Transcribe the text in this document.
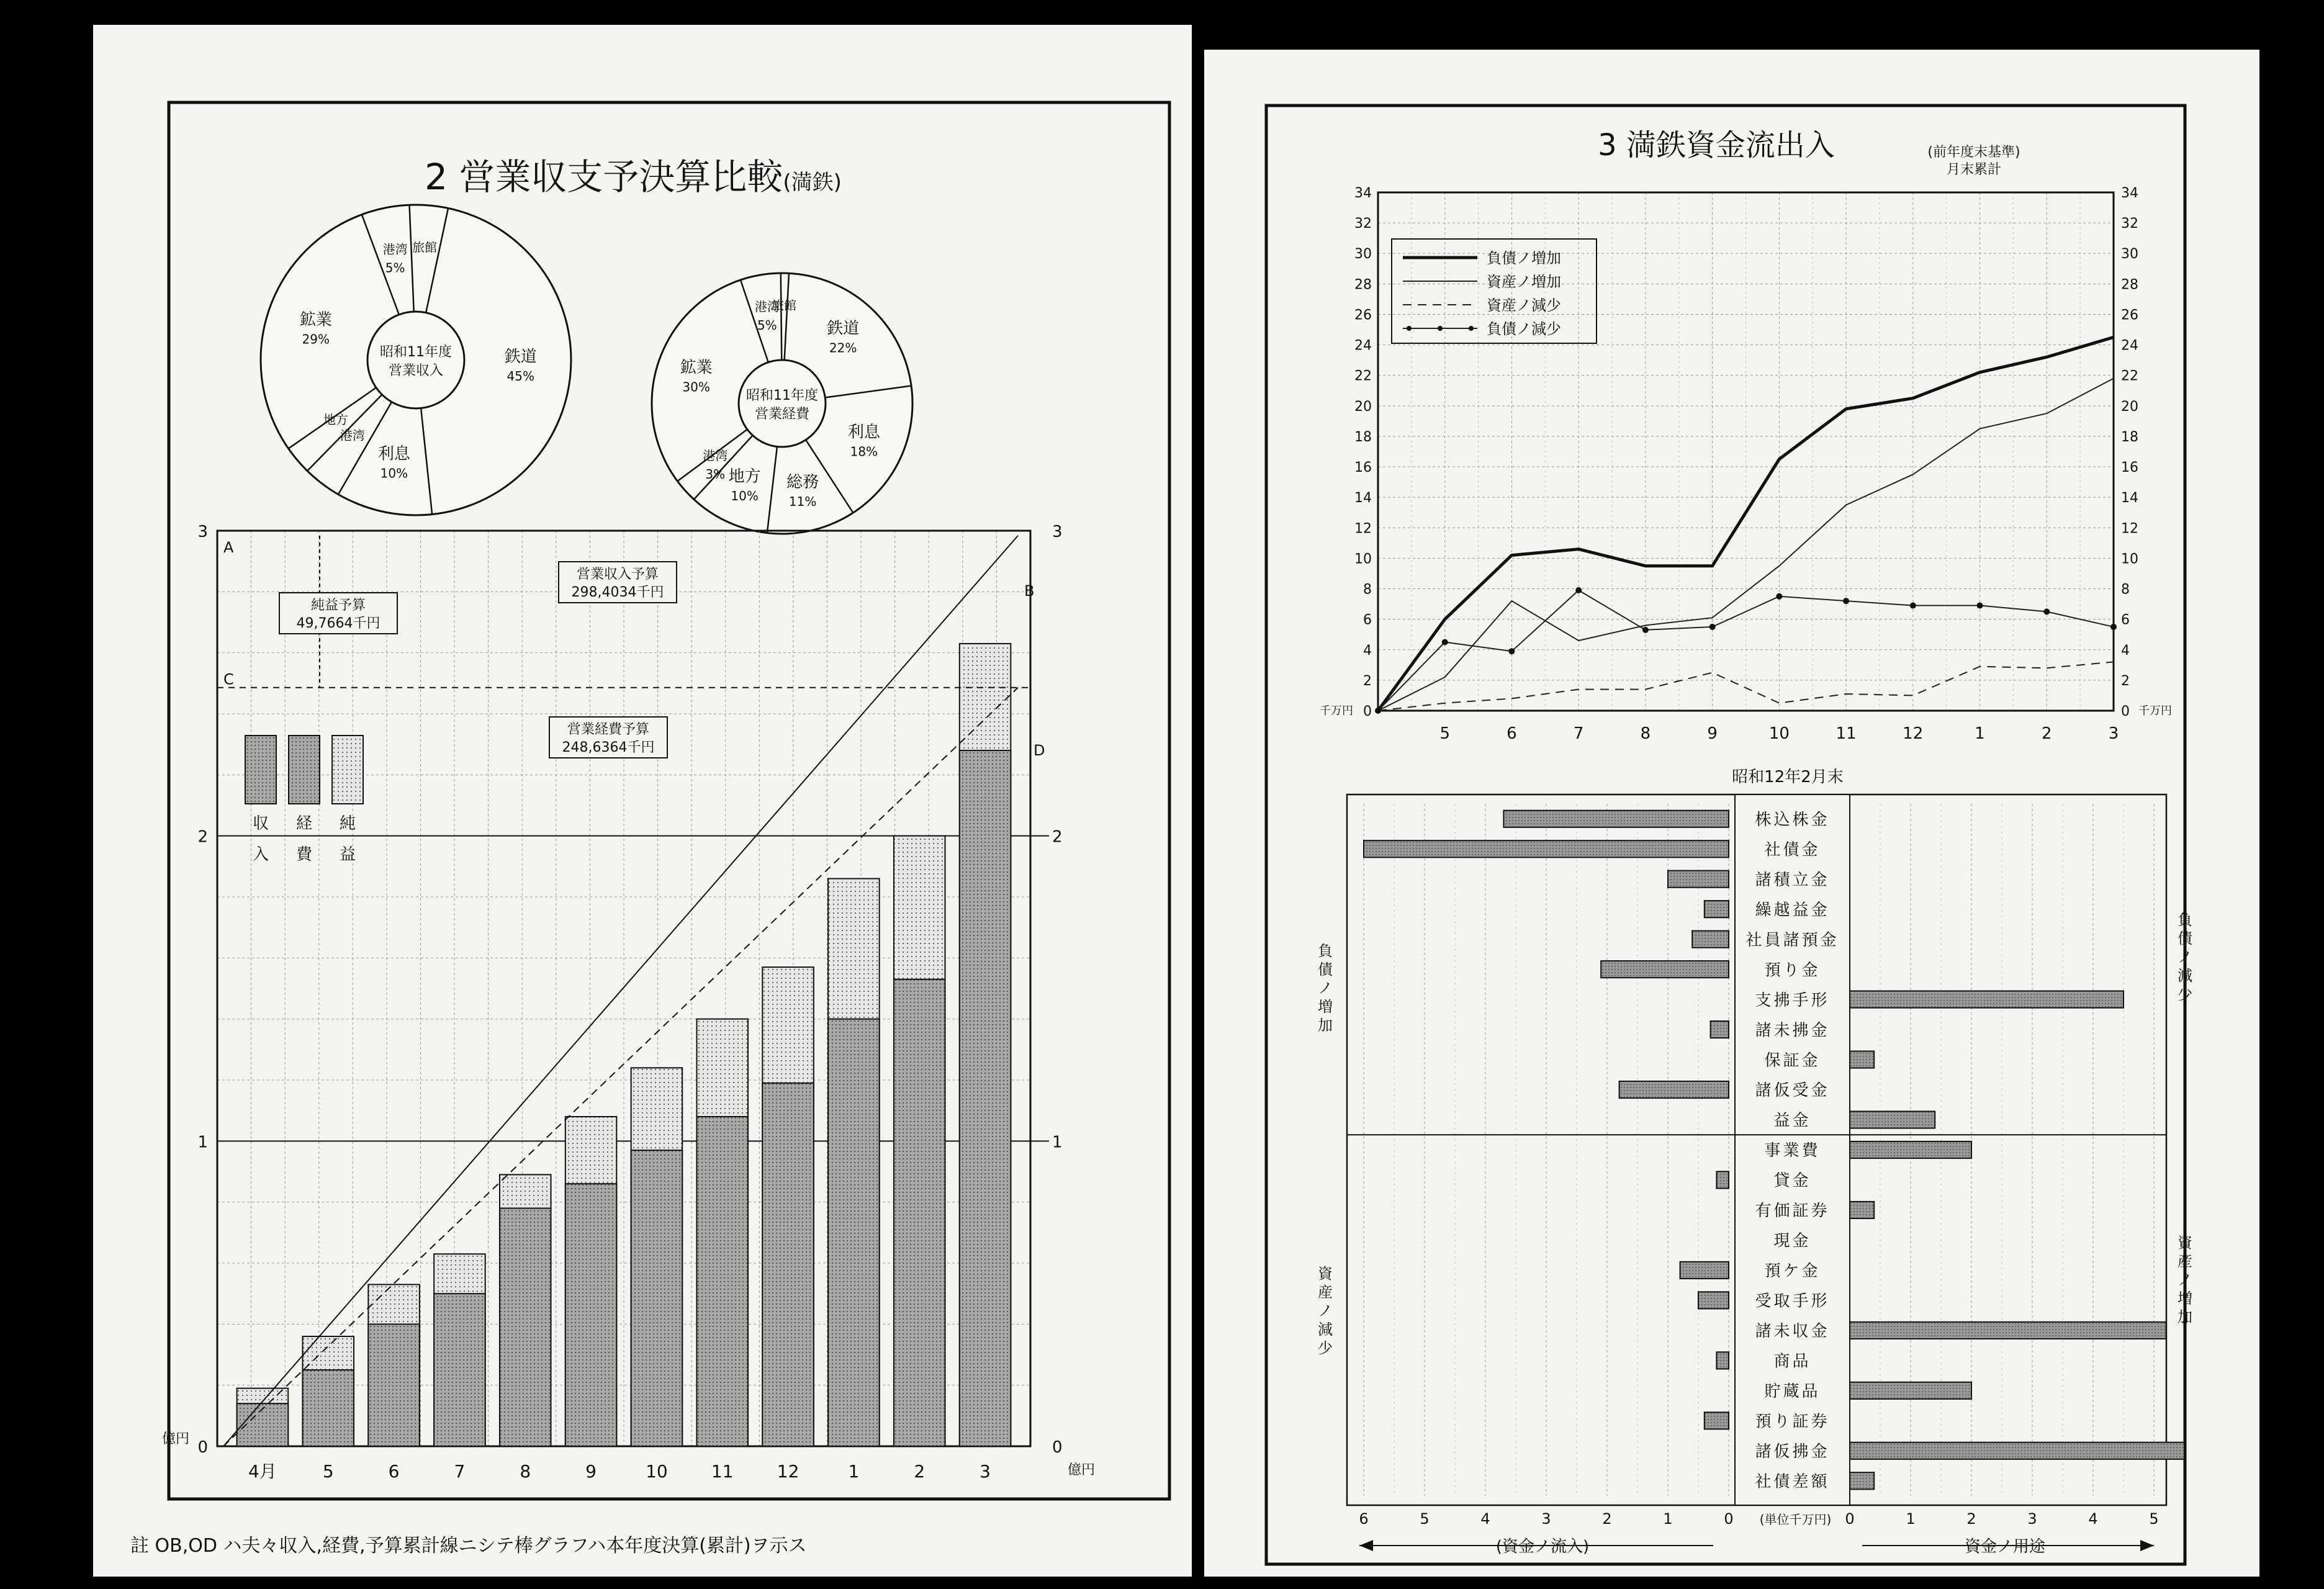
2 営業収支予決算比較(満鉄)
鉄道
45%
利息
10%
港湾
地方
鉱業
29%
港湾
5%
旅館
昭和11年度
営業収入
鉄道
22%
利息
18%
総務
11%
地方
10%
港湾
3%
鉱業
30%
港湾
5%
旅館
昭和11年度
営業経費
0	0
1	1
2	2
3	3
億円
億円
4月	5	6	7	8	9	10	11	12	1	2	3
A
B
C
D
営業収入予算
298,4034千円
純益予算
49,7664千円
営業経費予算
248,6364千円
収
入
経
費
純
益
註 OB,OD ハ夫々収入,経費,予算累計線ニシテ棒グラフハ本年度決算(累計)ヲ示ス
3 満鉄資金流出入	(前年度末基準)
月末累計
0	0
2	2
4	4
6	6
8	8
10	10
12	12
14	14
16	16
18	18
20	20
22	22
24	24
26	26
28	28
30	30
32	32
34	34
5	6	7	8	9	10	11	12	1	2	3
千万円	千万円
負債ノ増加
資産ノ増加
資産ノ減少
負債ノ減少
昭和12年2月末
株込株金
社債金
諸積立金
繰越益金
社員諸預金
預り金
支拂手形
諸未拂金
保証金
諸仮受金
益金
事業費
貸金
有価証券
現金
預ケ金
受取手形
諸未収金
商品
貯蔵品
預り証券
諸仮拂金
社債差額
6	5	4	3	2	1	0	0	1	2	3	4	5
(単位千万円)
(資金ノ流入)	資金ノ用途
負
債
ノ
増
加
負
債
ノ
減
少
資
産
ノ
減
少
資
産
ノ
増
加
